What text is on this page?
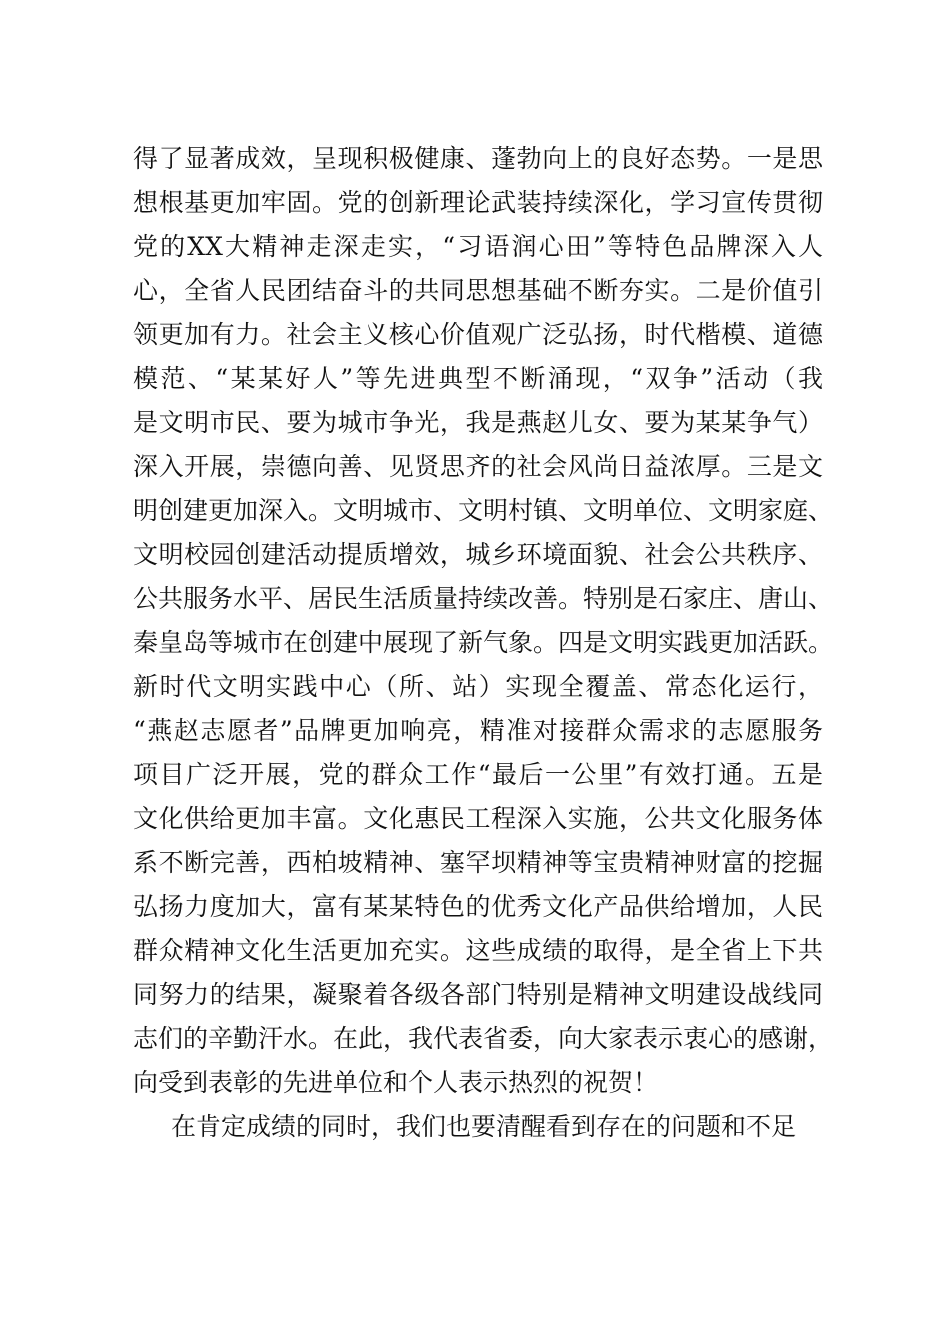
得了显著成效，呈现积极健康、蓬勃向上的良好态势。一是思
想根基更加牢固。党的创新理论武装持续深化，学习宣传贯彻
党的XX大精神走深走实，“习语润心田”等特色品牌深入人
心，全省人民团结奋斗的共同思想基础不断夯实。二是价值引
领更加有力。社会主义核心价值观广泛弘扬，时代楷模、道德
模范、“某某好人”等先进典型不断涌现，“双争”活动（我
是文明市民、要为城市争光，我是燕赵儿女、要为某某争气）
深入开展，崇德向善、见贤思齐的社会风尚日益浓厚。三是文
明创建更加深入。文明城市、文明村镇、文明单位、文明家庭、
文明校园创建活动提质增效，城乡环境面貌、社会公共秩序、
公共服务水平、居民生活质量持续改善。特别是石家庄、唐山、
秦皇岛等城市在创建中展现了新气象。四是文明实践更加活跃。
新时代文明实践中心（所、站）实现全覆盖、常态化运行，
“燕赵志愿者”品牌更加响亮，精准对接群众需求的志愿服务
项目广泛开展，党的群众工作“最后一公里”有效打通。五是
文化供给更加丰富。文化惠民工程深入实施，公共文化服务体
系不断完善，西柏坡精神、塞罕坝精神等宝贵精神财富的挖掘
弘扬力度加大，富有某某特色的优秀文化产品供给增加，人民
群众精神文化生活更加充实。这些成绩的取得，是全省上下共
同努力的结果，凝聚着各级各部门特别是精神文明建设战线同
志们的辛勤汗水。在此，我代表省委，向大家表示衷心的感谢，
向受到表彰的先进单位和个人表示热烈的祝贺！
在肯定成绩的同时，我们也要清醒看到存在的问题和不足
